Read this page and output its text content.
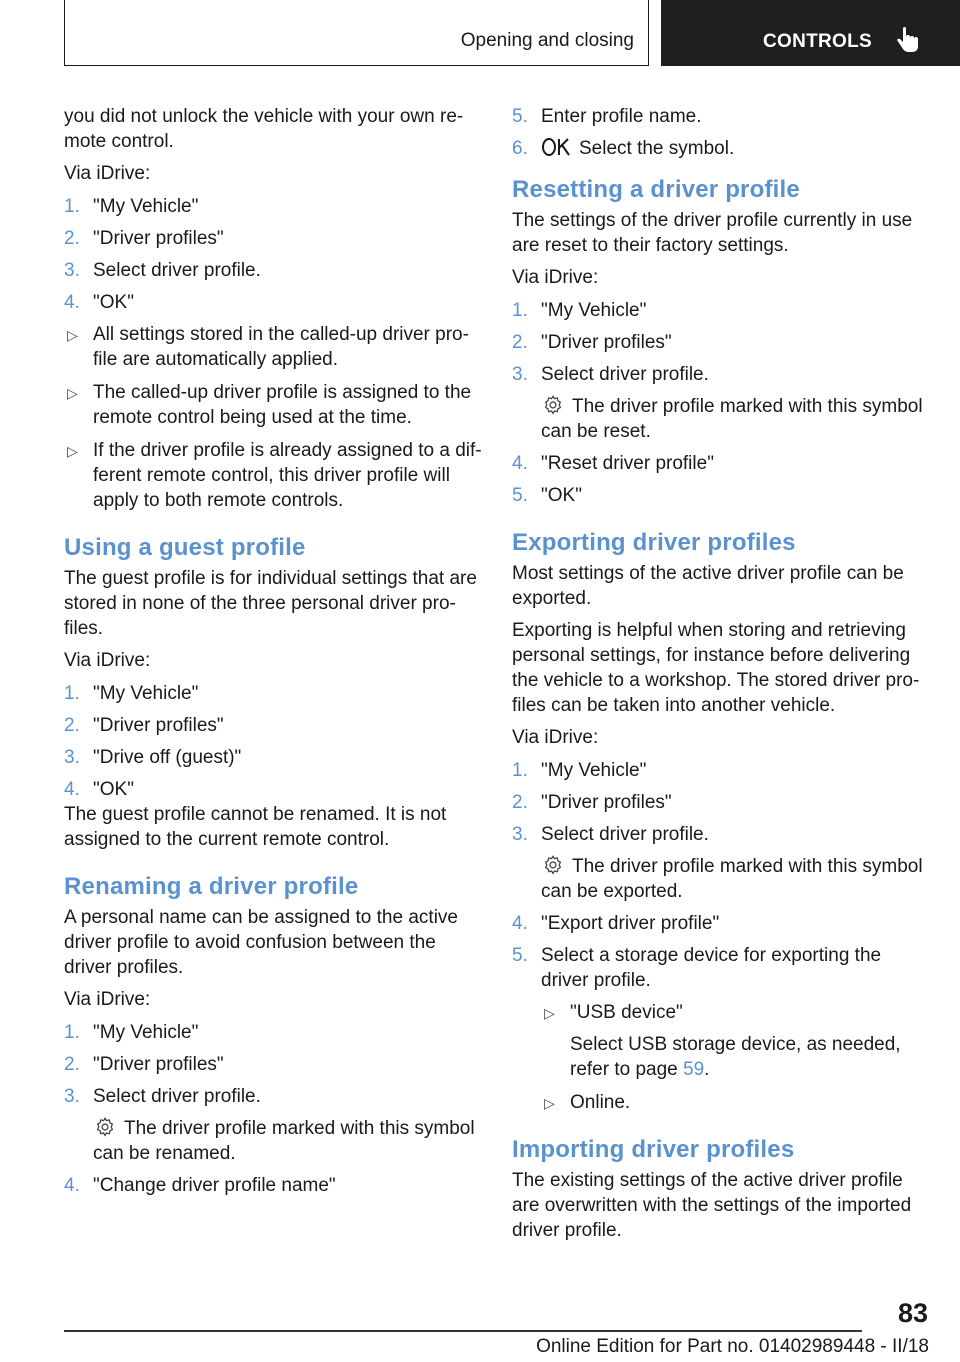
Opening and closing	CONTROLS

you did not unlock the vehicle with your own re-mote control.

Via iDrive:

1. "My Vehicle"
2. "Driver profiles"
3. Select driver profile.
4. "OK"
▷ All settings stored in the called-up driver pro-file are automatically applied.
▷ The called-up driver profile is assigned to the remote control being used at the time.
▷ If the driver profile is already assigned to a dif-ferent remote control, this driver profile will apply to both remote controls.
Using a guest profile

The guest profile is for individual settings that are stored in none of the three personal driver pro-files.

Via iDrive:

1. "My Vehicle"
2. "Driver profiles"
3. "Drive off (guest)"
4. "OK"

The guest profile cannot be renamed. It is not assigned to the current remote control.

Renaming a driver profile

A personal name can be assigned to the active driver profile to avoid confusion between the driver profiles.

Via iDrive:

1. "My Vehicle"
2. "Driver profiles"
3. Select driver profile.
The driver profile marked with this symbol can be renamed.
4. "Change driver profile name"
5. Enter profile name.
6.	Select the symbol.
Resetting a driver profile

The settings of the driver profile currently in use are reset to their factory settings.

Via iDrive:

1. "My Vehicle"
2. "Driver profiles"
3. Select driver profile.
The driver profile marked with this symbol can be reset.
4. "Reset driver profile"
5. "OK"
Exporting driver profiles

Most settings of the active driver profile can be exported.

Exporting is helpful when storing and retrieving personal settings, for instance before delivering the vehicle to a workshop. The stored driver pro-files can be taken into another vehicle.

Via iDrive:

1. "My Vehicle"
2. "Driver profiles"
3. Select driver profile.
The driver profile marked with this symbol can be exported.
4. "Export driver profile"
5. Select a storage device for exporting the driver profile.
▷ "USB device"
Select USB storage device, as needed, refer to page 59.
▷ Online.
Importing driver profiles

The existing settings of the active driver profile are overwritten with the settings of the imported driver profile.

83
Online Edition for Part no. 01402989448 - II/18
